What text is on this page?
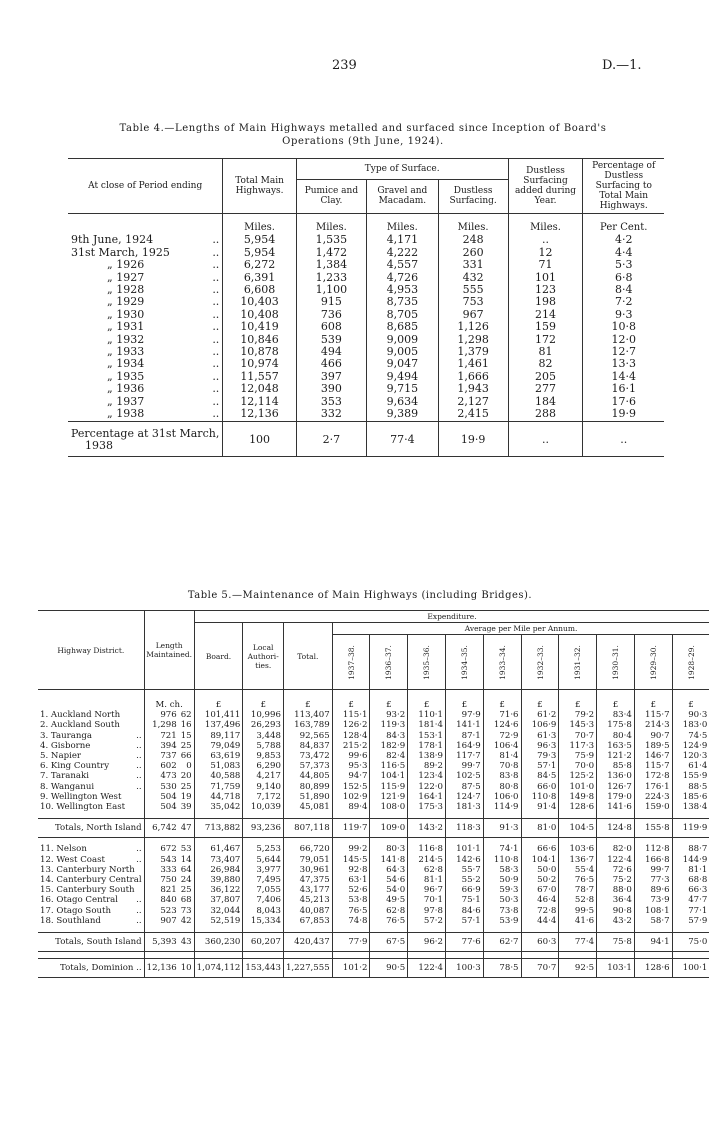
239	D.—1.
Table 4.—Lengths of Main Highways metalled and surfaced since Inception of Board's
Operations (9th June, 1924).
At close of Period ending	Total Main Highways.	Type of Surface.			Dustless Surfacing added during Year.	Percentage of Dustless Surfacing to Total Main Highways.
		Pumice and Clay.	Gravel and Macadam.	Dustless Surfacing.		
	Miles.	Miles.	Miles.	Miles.	Miles.	Per Cent.
9th June, 1924 ..	5,954	1,535	4,171	248	..	4·2
31st March, 1925 ..	5,954	1,472	4,222	260	12	4·4
„ 1926 ..	6,272	1,384	4,557	331	71	5·3
„ 1927 ..	6,391	1,233	4,726	432	101	6·8
„ 1928 ..	6,608	1,100	4,953	555	123	8·4
„ 1929 ..	10,403	915	8,735	753	198	7·2
„ 1930 ..	10,408	736	8,705	967	214	9·3
„ 1931 ..	10,419	608	8,685	1,126	159	10·8
„ 1932 ..	10,846	539	9,009	1,298	172	12·0
„ 1933 ..	10,878	494	9,005	1,379	81	12·7
„ 1934 ..	10,974	466	9,047	1,461	82	13·3
„ 1935 ..	11,557	397	9,494	1,666	205	14·4
„ 1936 ..	12,048	390	9,715	1,943	277	16·1
„ 1937 ..	12,114	353	9,634	2,127	184	17·6
„ 1938 ..	12,136	332	9,389	2,415	288	19·9

Percentage at 31st March,
1938	100	2·7	77·4	19·9	..	..
Table 5.—Maintenance of Main Highways (including Bridges).
Highway District.	Length Maintained.		Expenditure.												
			Board.	Local Authori- ties.	Total.	Average per Mile per Annum.									
						1937–38.	1936–37.	1935–36.	1934–35.	1933–34.	1932–33.	1931–32.	1930–31.	1929–30.	1928–29.
	M. ch.		£	£	£	£	£	£	£	£	£	£	£	£	£
1. Auckland North	976	62	101,411	10,996	113,407	115·1	93·2	110·1	97·9	71·6	61·2	79·2	83·4	115·7	90·3
2. Auckland South	1,298	16	137,496	26,293	163,789	126·2	119·3	181·4	141·1	124·6	106·9	145·3	175·8	214·3	183·0
3. Tauranga ..	721	15	89,117	3,448	92,565	128·4	84·3	153·1	87·1	72·9	61·3	70·7	80·4	90·7	74·5
4. Gisborne ..	394	25	79,049	5,788	84,837	215·2	182·9	178·1	164·9	106·4	96·3	117·3	163·5	189·5	124·9
5. Napier ..	737	66	63,619	9,853	73,472	99·6	82·4	138·9	117·7	81·4	79·3	75·9	121·2	146·7	120·3
6. King Country ..	602	0	51,083	6,290	57,373	95·3	116·5	89·2	99·7	70·8	57·1	70·0	85·8	115·7	61·4
7. Taranaki ..	473	20	40,588	4,217	44,805	94·7	104·1	123·4	102·5	83·8	84·5	125·2	136·0	172·8	155·9
8. Wanganui ..	530	25	71,759	9,140	80,899	152·5	115·9	122·0	87·5	80·8	66·0	101·0	126·7	176·1	88·5
9. Wellington West	504	19	44,718	7,172	51,890	102·9	121·9	164·1	124·7	106·0	110·8	149·8	179·0	224·3	185·6
10. Wellington East	504	39	35,042	10,039	45,081	89·4	108·0	175·3	181·3	114·9	91·4	128·6	141·6	159·0	138·4

Totals, North Island	6,742	47	713,882	93,236	807,118	119·7	109·0	143·2	118·3	91·3	81·0	104·5	124·8	155·8	119·9

11. Nelson ..	672	53	61,467	5,253	66,720	99·2	80·3	116·8	101·1	74·1	66·6	103·6	82·0	112·8	88·7
12. West Coast ..	543	14	73,407	5,644	79,051	145·5	141·8	214·5	142·6	110·8	104·1	136·7	122·4	166·8	144·9
13. Canterbury North	333	64	26,984	3,977	30,961	92·8	64·3	62·8	55·7	58·3	50·0	55·4	72·6	99·7	81·1
14. Canterbury Central	750	24	39,880	7,495	47,375	63·1	54·6	81·1	55·2	50·9	50·2	76·5	75·2	77·3	68·8
15. Canterbury South	821	25	36,122	7,055	43,177	52·6	54·0	96·7	66·9	59·3	67·0	78·7	88·0	89·6	66·3
16. Otago Central ..	840	68	37,807	7,406	45,213	53·8	49·5	70·1	75·1	50·3	46·4	52·8	36·4	73·9	47·7
17. Otago South ..	523	73	32,044	8,043	40,087	76·5	62·8	97·8	84·6	73·8	72·8	99·5	90·8	108·1	77·1
18. Southland ..	907	42	52,519	15,334	67,853	74·8	76·5	57·2	57·1	53·9	44·4	41·6	43·2	58·7	57·9

Totals, South Island	5,393	43	360,230	60,207	420,437	77·9	67·5	96·2	77·6	62·7	60·3	77·4	75·8	94·1	75·0

Totals, Dominion ..	12,136	10	1,074,112	153,443	1,227,555	101·2	90·5	122·4	100·3	78·5	70·7	92·5	103·1	128·6	100·1
